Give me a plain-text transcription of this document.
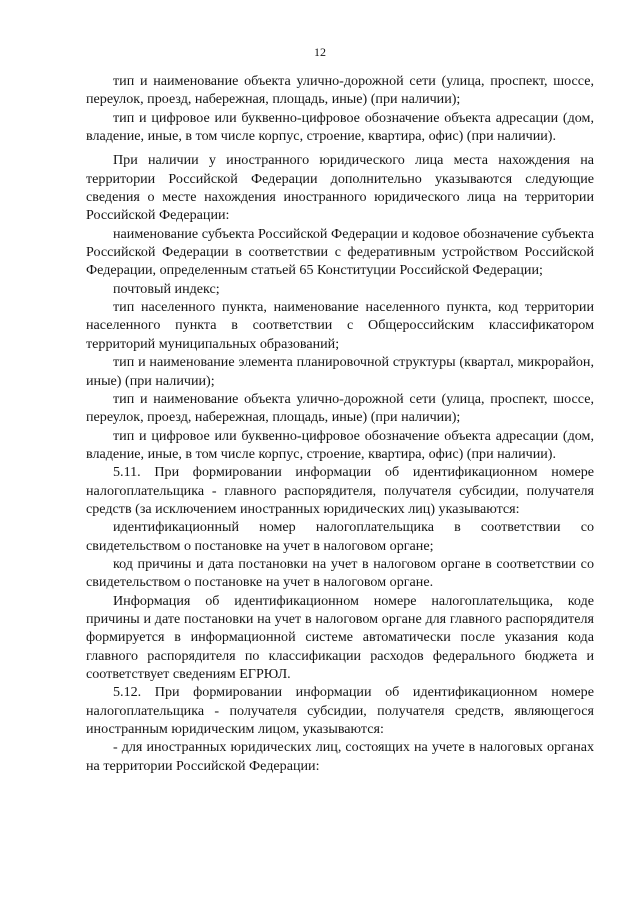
12

тип и наименование объекта улично-дорожной сети (улица, проспект, шоссе, переулок, проезд, набережная, площадь, иные) (при наличии);

тип и цифровое или буквенно-цифровое обозначение объекта адресации (дом, владение, иные, в том числе корпус, строение, квартира, офис) (при наличии).

При наличии у иностранного юридического лица места нахождения на территории Российской Федерации дополнительно указываются следующие сведения о месте нахождения иностранного юридического лица на территории Российской Федерации:

наименование субъекта Российской Федерации и кодовое обозначение субъекта Российской Федерации в соответствии с федеративным устройством Российской Федерации, определенным статьей 65 Конституции Российской Федерации;

почтовый индекс;

тип населенного пункта, наименование населенного пункта, код территории населенного пункта в соответствии с Общероссийским классификатором территорий муниципальных образований;

тип и наименование элемента планировочной структуры (квартал, микрорайон, иные) (при наличии);

тип и наименование объекта улично-дорожной сети (улица, проспект, шоссе, переулок, проезд, набережная, площадь, иные) (при наличии);

тип и цифровое или буквенно-цифровое обозначение объекта адресации (дом, владение, иные, в том числе корпус, строение, квартира, офис) (при наличии).

5.11. При формировании информации об идентификационном номере налогоплательщика - главного распорядителя, получателя субсидии, получателя средств (за исключением иностранных юридических лиц) указываются:

идентификационный номер налогоплательщика в соответствии со свидетельством о постановке на учет в налоговом органе;

код причины и дата постановки на учет в налоговом органе в соответствии со свидетельством о постановке на учет в налоговом органе.

Информация об идентификационном номере налогоплательщика, коде причины и дате постановки на учет в налоговом органе для главного распорядителя формируется в информационной системе автоматически после указания кода главного распорядителя по классификации расходов федерального бюджета и соответствует сведениям ЕГРЮЛ.

5.12. При формировании информации об идентификационном номере налогоплательщика - получателя субсидии, получателя средств, являющегося иностранным юридическим лицом, указываются:

- для иностранных юридических лиц, состоящих на учете в налоговых органах на территории Российской Федерации:
